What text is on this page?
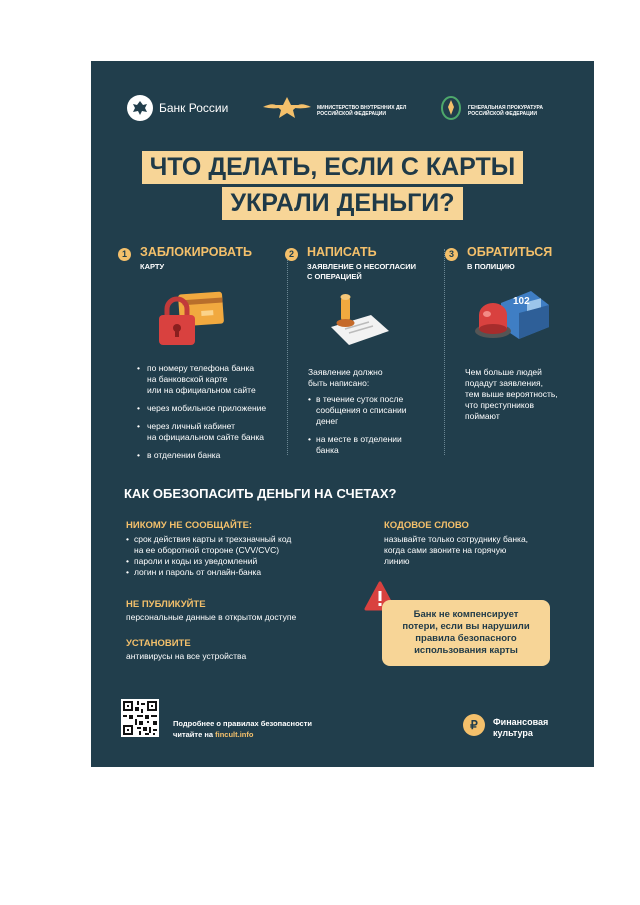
Банк России	МИНИСТЕРСТВО ВНУТРЕННИХ ДЕЛ
РОССИЙСКОЙ ФЕДЕРАЦИИ
ГЕНЕРАЛЬНАЯ ПРОКУРАТУРА
РОССИЙСКОЙ ФЕДЕРАЦИИ
ЧТО ДЕЛАТЬ, ЕСЛИ С КАРТЫ
УКРАЛИ ДЕНЬГИ?
1	ЗАБЛОКИРОВАТЬ
КАРТУ
• по номеру телефона банка
на банковской карте
или на официальном сайте
• через мобильное приложение
• через личный кабинет
на официальном сайте банка
• в отделении банка
2	НАПИСАТЬ
ЗАЯВЛЕНИЕ О НЕСОГЛАСИИ
С ОПЕРАЦИЕЙ
Заявление должно
быть написано:
• в течение суток после
сообщения о списании
денег
• на месте в отделении
банка
3	ОБРАТИТЬСЯ
В ПОЛИЦИЮ
102
Чем больше людей
подадут заявления,
тем выше вероятность,
что преступников
поймают
КАК ОБЕЗОПАСИТЬ ДЕНЬГИ НА СЧЕТАХ?
НИКОМУ НЕ СООБЩАЙТЕ:
• срок действия карты и трехзначный код
на ее оборотной стороне (CVV/CVC)
• пароли и коды из уведомлений
• логин и пароль от онлайн-банка
НЕ ПУБЛИКУЙТЕ
персональные данные в открытом доступе
УСТАНОВИТЕ
антивирусы на все устройства
КОДОВОЕ СЛОВО
называйте только сотруднику банка,
когда сами звоните на горячую
линию
Банк не компенсирует
потери, если вы нарушили
правила безопасного
использования карты
Подробнее о правилах безопасности
читайте на fincult.info
₽	Финансовая
культура
